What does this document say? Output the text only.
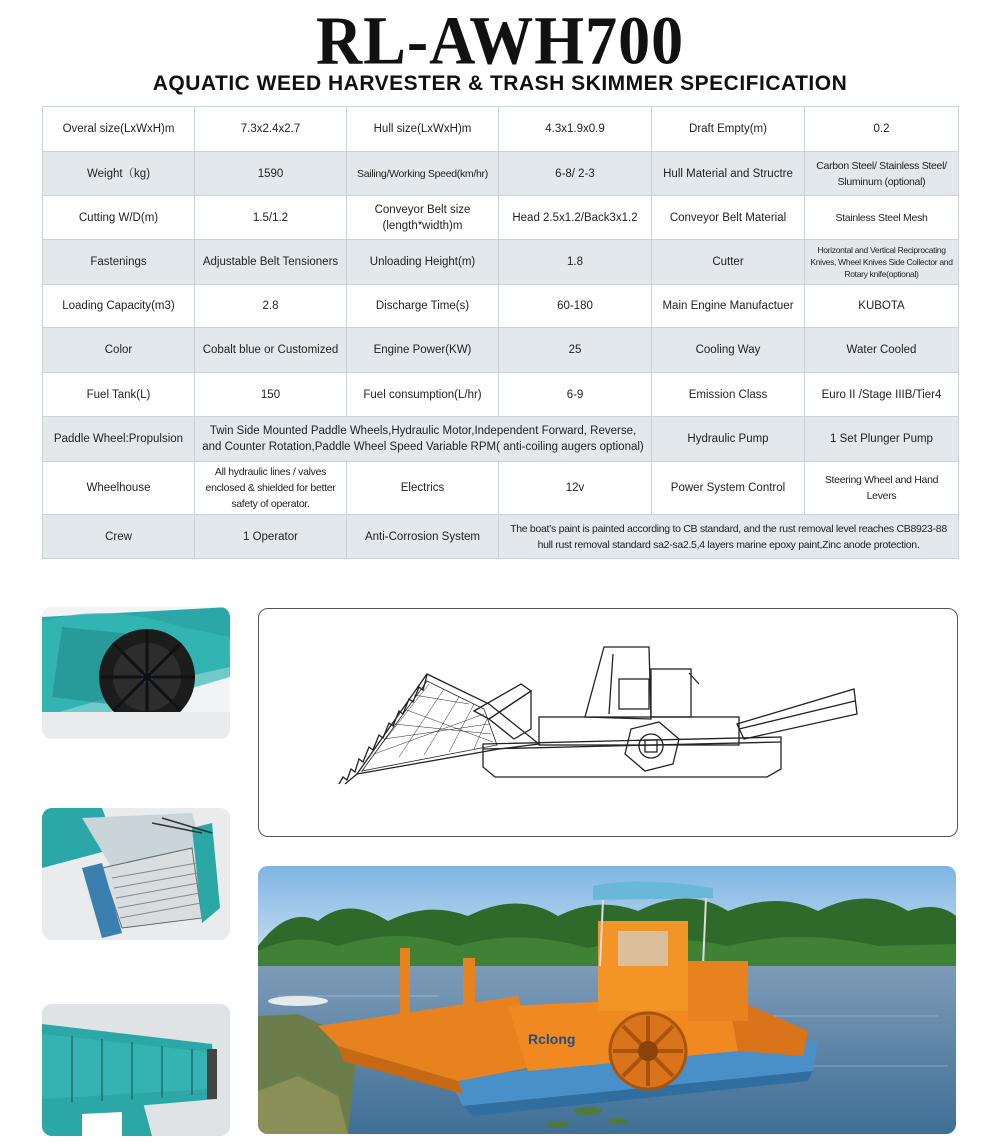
RL-AWH700
AQUATIC WEED HARVESTER & TRASH SKIMMER SPECIFICATION
Overal size(LxWxH)m	7.3x2.4x2.7	Hull size(LxWxH)m	4.3x1.9x0.9	Draft Empty(m)	0.2
Weight（kg)	1590	Sailing/Working Speed(km/hr)	6-8/ 2-3	Hull Material and Structre	Carbon Steel/ Stainless Steel/ Sluminum (optional)
Cutting W/D(m)	1.5/1.2	Conveyor Belt size (length*width)m	Head 2.5x1.2/Back3x1.2	Conveyor Belt Material	Stainless Steel Mesh
Fastenings	Adjustable Belt Tensioners	Unloading Height(m)	1.8	Cutter	Horizontal and Vertical Reciprocating Knives, Wheel Knives Side Collector and Rotary knife(optional)
Loading Capacity(m3)	2.8	Discharge Time(s)	60-180	Main Engine Manufactuer	KUBOTA
Color	Cobalt blue or Customized	Engine Power(KW)	25	Cooling Way	Water Cooled
Fuel Tank(L)	150	Fuel consumption(L/hr)	6-9	Emission Class	Euro II /Stage IIIB/Tier4
Paddle Wheel:Propulsion	Twin Side Mounted Paddle Wheels,Hydraulic Motor,Independent Forward, Reverse, and Counter Rotation,Paddle Wheel Speed Variable RPM( anti-coiling augers optional)			Hydraulic Pump	1 Set Plunger Pump
Wheelhouse	All hydraulic lines / valves enclosed & shielded for better safety of operator.	Electrics	12v	Power System Control	Steering Wheel and Hand Levers
Crew	1 Operator	Anti-Corrosion System	The boat’s paint is painted according to CB standard, and the rust removal level reaches CB8923-88 hull rust removal standard sa2-sa2.5,4 layers marine epoxy paint,Zinc anode protection.		
Rclong
